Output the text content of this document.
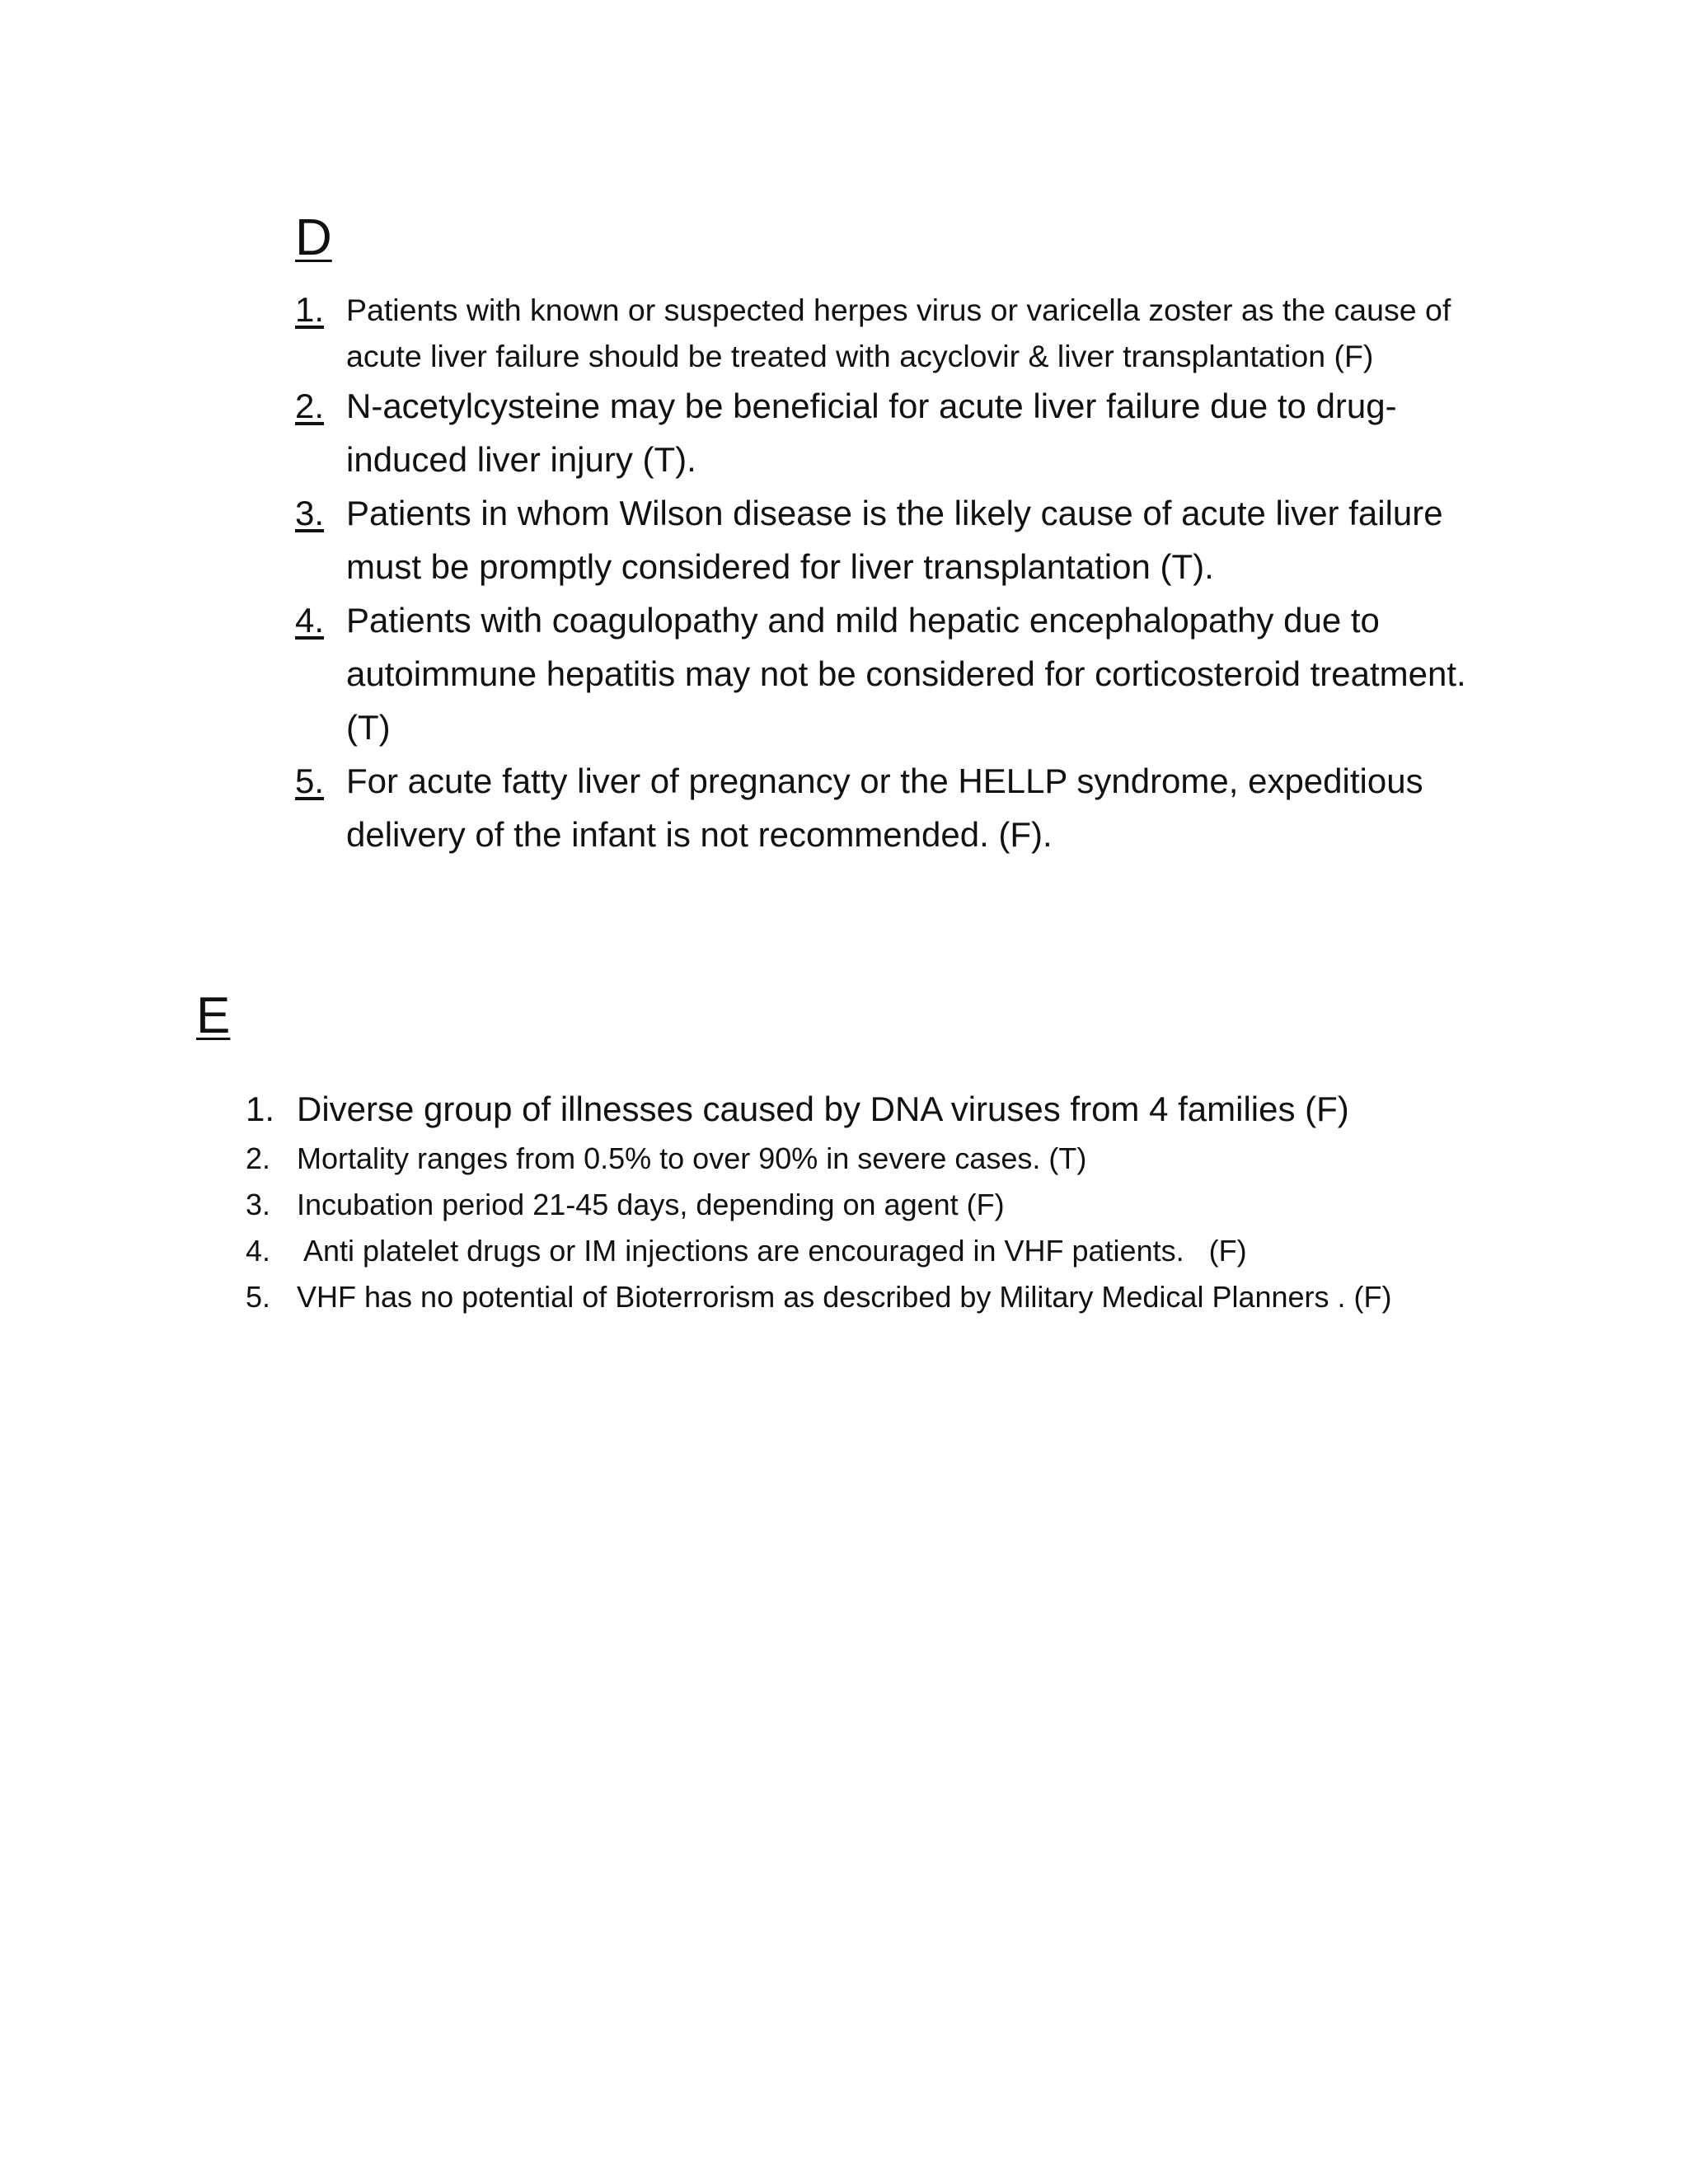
D
1. Patients with known or suspected herpes virus or varicella zoster as the cause of acute liver failure should be treated with acyclovir & liver transplantation (F)
2. N-acetylcysteine may be beneficial for acute liver failure due to drug-induced liver injury (T).
3. Patients in whom Wilson disease is the likely cause of acute liver failure must be promptly considered for liver transplantation (T).
4. Patients with coagulopathy and mild hepatic encephalopathy due to autoimmune hepatitis may not be considered for corticosteroid treatment. (T)
5. For acute fatty liver of pregnancy or the HELLP syndrome, expeditious delivery of the infant is not recommended. (F).
E
1. Diverse group of illnesses caused by DNA viruses from 4 families (F)
2. Mortality ranges from 0.5% to over 90% in severe cases. (T)
3. Incubation period 21-45 days, depending on agent (F)
4. Anti platelet drugs or IM injections are encouraged in VHF patients.   (F)
5. VHF has no potential of Bioterrorism as described by Military Medical Planners . (F)
